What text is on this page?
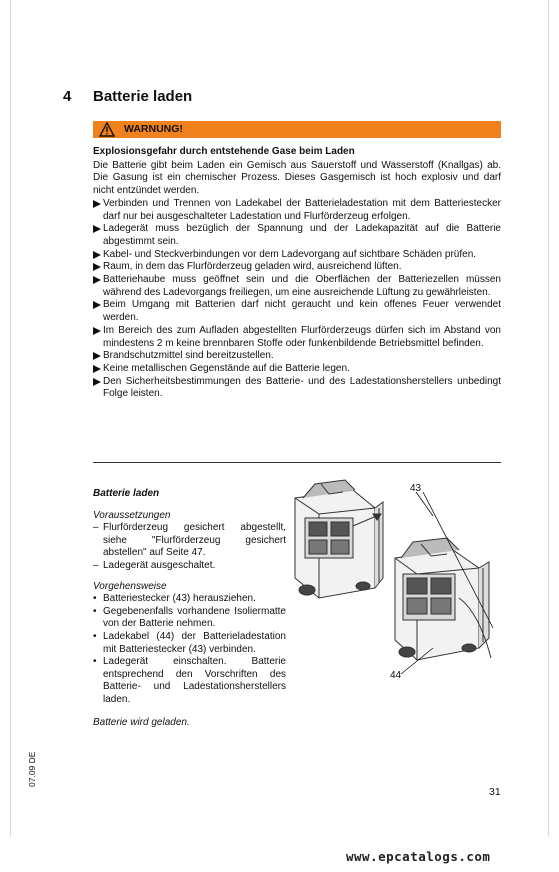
4 Batterie laden
WARNUNG!

Explosionsgefahr durch entstehende Gase beim Laden

Die Batterie gibt beim Laden ein Gemisch aus Sauerstoff und Wasserstoff (Knallgas) ab. Die Gasung ist ein chemischer Prozess. Dieses Gasgemisch ist hoch explosiv und darf nicht entzündet werden.

Verbinden und Trennen von Ladekabel der Batterieladestation mit dem Batteriestecker darf nur bei ausgeschalteter Ladestation und Flurförderzeug erfolgen.
Ladegerät muss bezüglich der Spannung und der Ladekapazität auf die Batterie abgestimmt sein.
Kabel- und Steckverbindungen vor dem Ladevorgang auf sichtbare Schäden prüfen.
Raum, in dem das Flurförderzeug geladen wird, ausreichend lüften.
Batteriehaube muss geöffnet sein und die Oberflächen der Batteriezellen müssen während des Ladevorgangs freiliegen, um eine ausreichende Lüftung zu gewährleisten.
Beim Umgang mit Batterien darf nicht geraucht und kein offenes Feuer verwendet werden.
Im Bereich des zum Aufladen abgestellten Flurförderzeugs dürfen sich im Abstand von mindestens 2 m keine brennbaren Stoffe oder funkenbildende Betriebsmittel befinden.
Brandschutzmittel sind bereitzustellen.
Keine metallischen Gegenstände auf die Batterie legen.
Den Sicherheitsbestimmungen des Batterie- und des Ladestationsherstellers unbedingt Folge leisten.

Batterie laden

Voraussetzungen

– Flurförderzeug gesichert abgestellt, siehe "Flurförderzeug gesichert abstellen" auf Seite 47.
– Ladegerät ausgeschaltet.

Vorgehensweise

• Batteriestecker (43) herausziehen.
• Gegebenenfalls vorhandene Isoliermatte von der Batterie nehmen.
• Ladekabel (44) der Batterieladestation mit Batteriestecker (43) verbinden.
• Ladegerät einschalten. Batterie entsprechend den Vorschriften des Batterie- und Ladestationsherstellers laden.

Batterie wird geladen.

43
44
07.09 DE
31
www.epcatalogs.com
